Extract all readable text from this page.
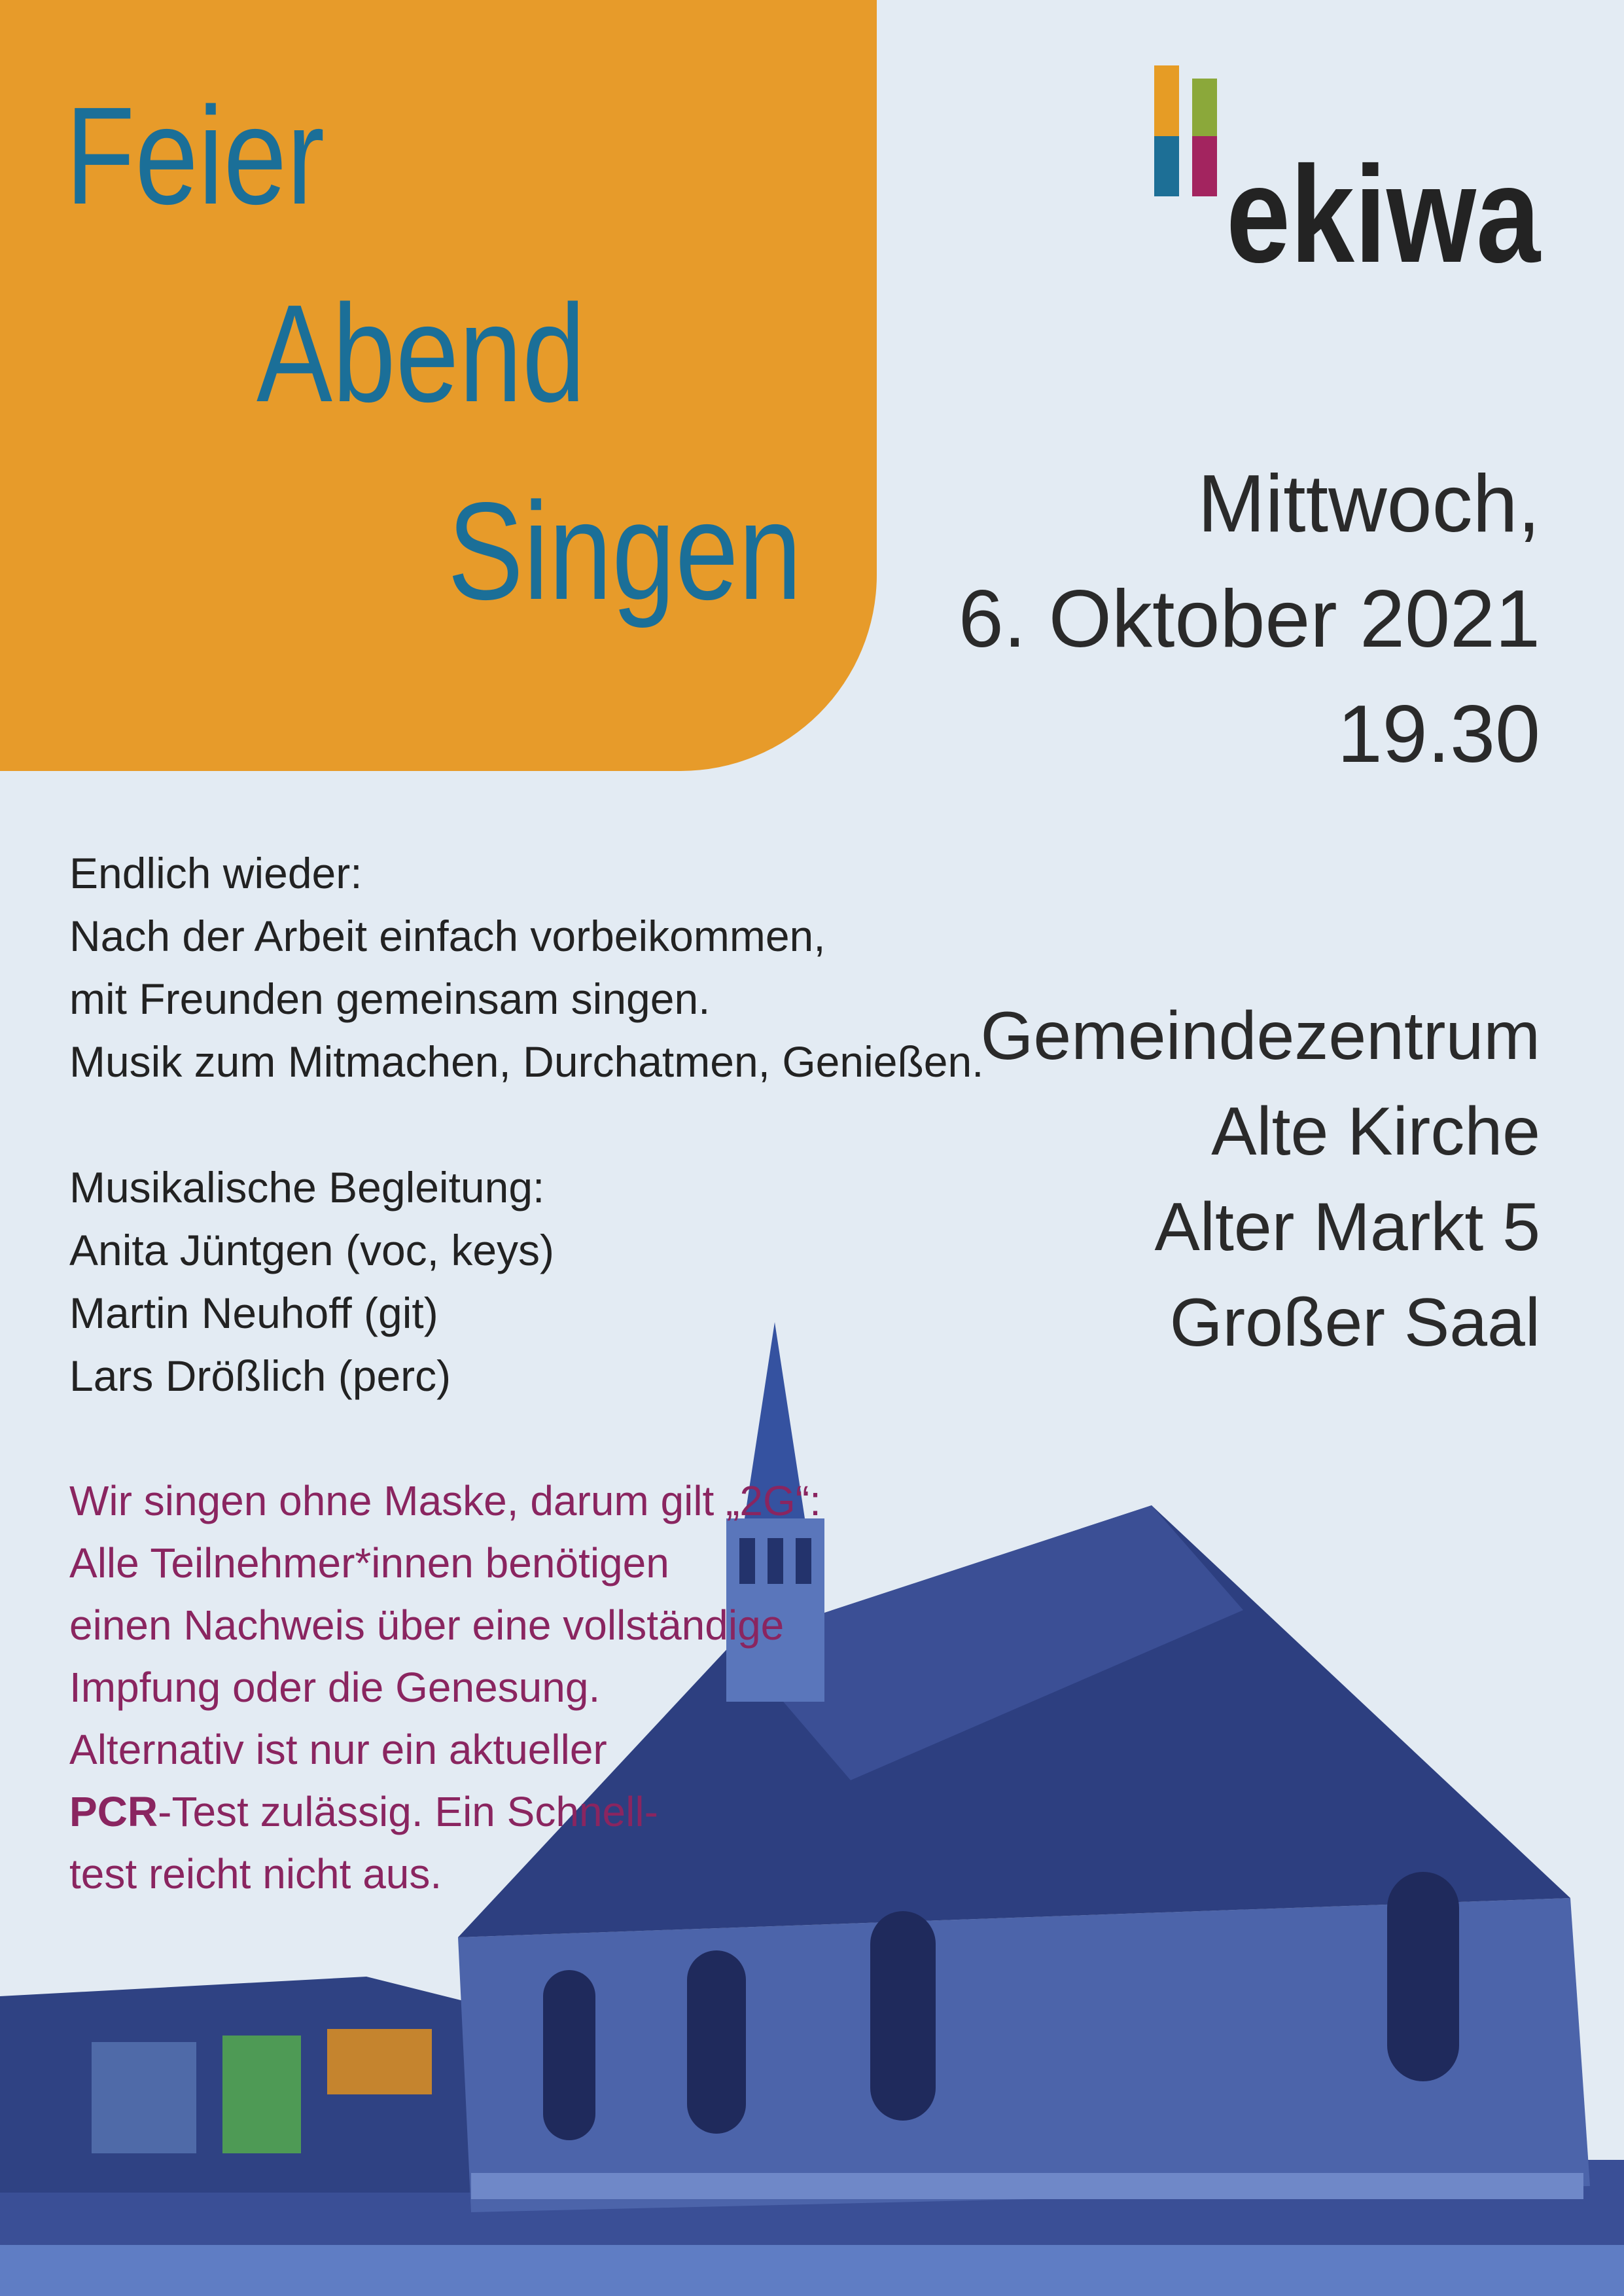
Feier
Abend
Singen
ekiwa
Mittwoch,
6. Oktober 2021
19.30
Gemeindezentrum
Alte Kirche
Alter Markt 5
Großer Saal

Endlich wieder:
Nach der Arbeit einfach vorbeikommen,
mit Freunden gemeinsam singen.
Musik zum Mitmachen, Durchatmen, Genießen.

Musikalische Begleitung:
Anita Jüntgen (voc, keys)
Martin Neuhoff (git)
Lars Drößlich (perc)

Wir singen ohne Maske, darum gilt „2G“:
Alle Teilnehmer*innen benötigen
einen Nachweis über eine vollständige
Impfung oder die Genesung.
Alternativ ist nur ein aktueller
PCR-Test zulässig. Ein Schnell-
test reicht nicht aus.
